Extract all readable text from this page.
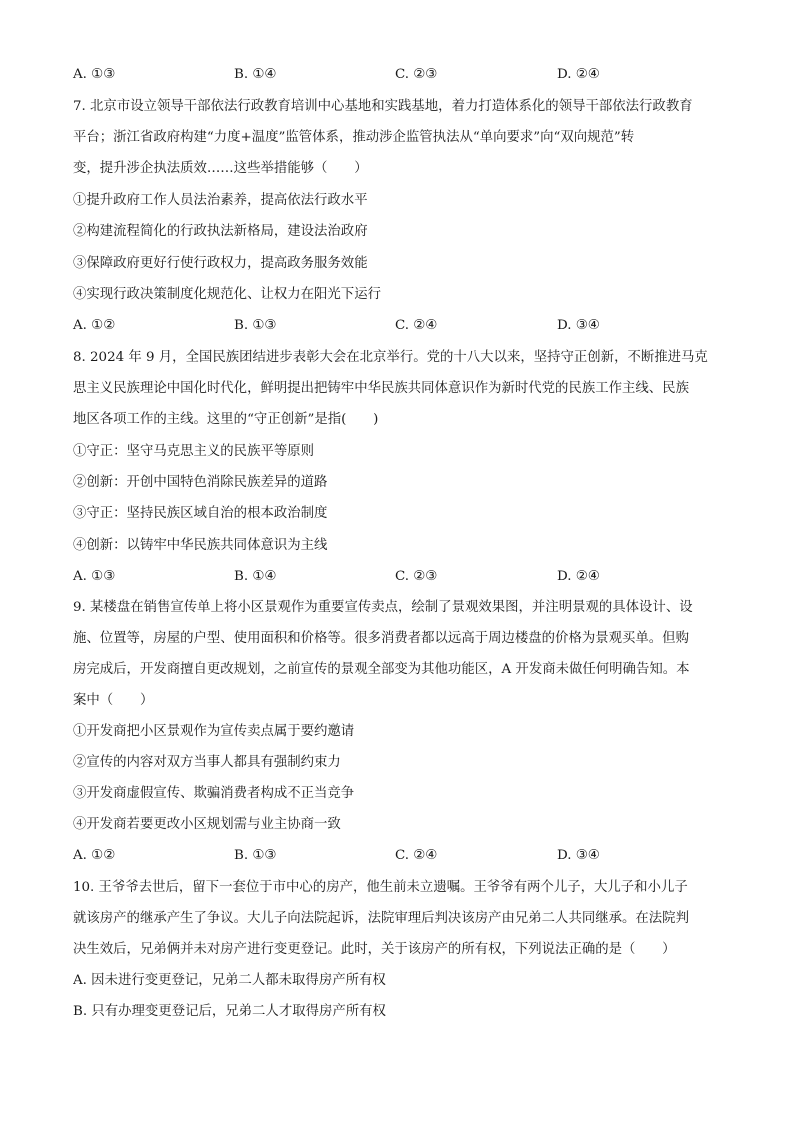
A. ①③	B. ①④	C. ②③	D. ②④
7. 北京市设立领导干部依法行政教育培训中心基地和实践基地，着力打造体系化的领导干部依法行政教育
平台；浙江省政府构建“力度+温度”监管体系，推动涉企监管执法从“单向要求”向“双向规范”转
变，提升涉企执法质效……这些举措能够（　　）
①提升政府工作人员法治素养，提高依法行政水平
②构建流程简化的行政执法新格局，建设法治政府
③保障政府更好行使行政权力，提高政务服务效能
④实现行政决策制度化规范化、让权力在阳光下运行
A. ①②	B. ①③	C. ②④	D. ③④
8. 2024 年 9 月，全国民族团结进步表彰大会在北京举行。党的十八大以来，坚持守正创新，不断推进马克
思主义民族理论中国化时代化，鲜明提出把铸牢中华民族共同体意识作为新时代党的民族工作主线、民族
地区各项工作的主线。这里的“守正创新”是指(　　)
①守正：坚守马克思主义的民族平等原则
②创新：开创中国特色消除民族差异的道路
③守正：坚持民族区域自治的根本政治制度
④创新：以铸牢中华民族共同体意识为主线
A. ①③	B. ①④	C. ②③	D. ②④
9. 某楼盘在销售宣传单上将小区景观作为重要宣传卖点，绘制了景观效果图，并注明景观的具体设计、设
施、位置等，房屋的户型、使用面积和价格等。很多消费者都以远高于周边楼盘的价格为景观买单。但购
房完成后，开发商擅自更改规划，之前宣传的景观全部变为其他功能区，A 开发商未做任何明确告知。本
案中（　　）
①开发商把小区景观作为宣传卖点属于要约邀请
②宣传的内容对双方当事人都具有强制约束力
③开发商虚假宣传、欺骗消费者构成不正当竞争
④开发商若要更改小区规划需与业主协商一致
A. ①②	B. ①③	C. ②④	D. ③④
10. 王爷爷去世后，留下一套位于市中心的房产，他生前未立遗嘱。王爷爷有两个儿子，大儿子和小儿子
就该房产的继承产生了争议。大儿子向法院起诉，法院审理后判决该房产由兄弟二人共同继承。在法院判
决生效后，兄弟俩并未对房产进行变更登记。此时，关于该房产的所有权，下列说法正确的是（　　）
A. 因未进行变更登记，兄弟二人都未取得房产所有权
B. 只有办理变更登记后，兄弟二人才取得房产所有权
